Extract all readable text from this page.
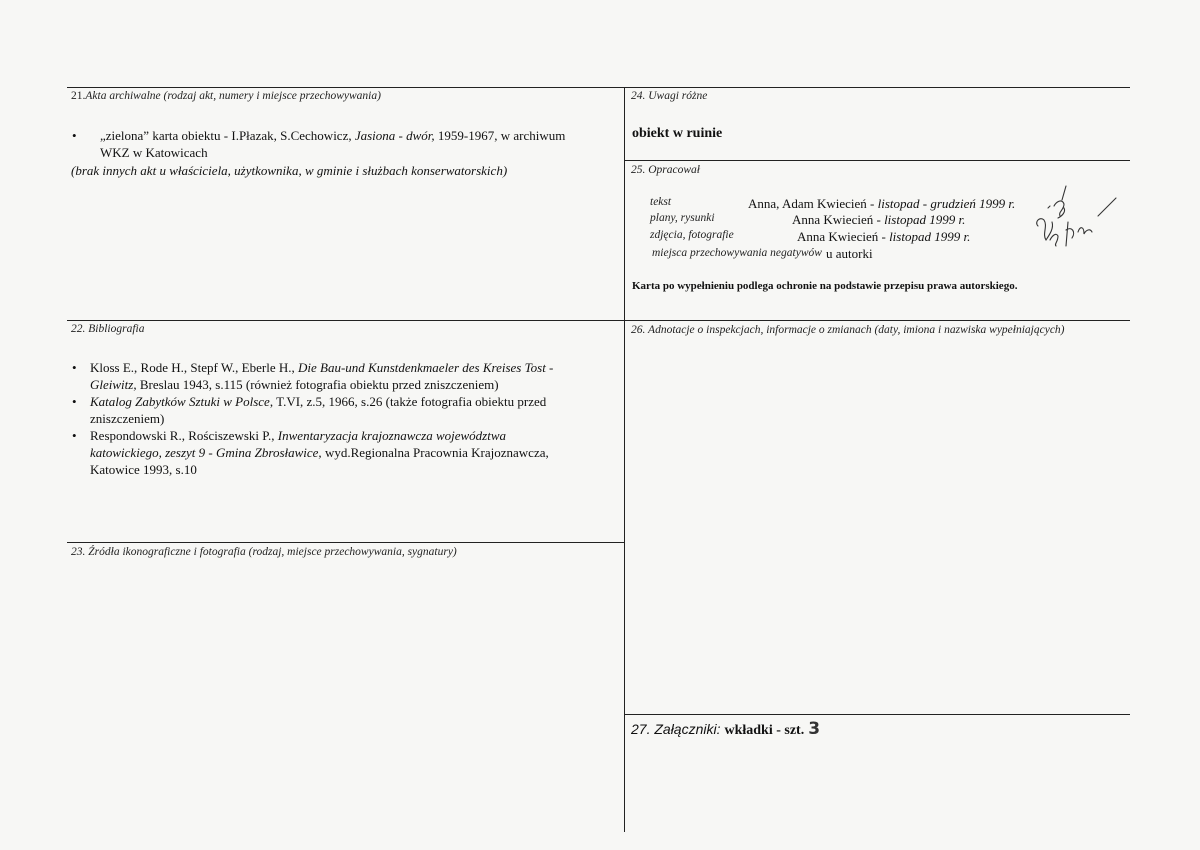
21.Akta archiwalne (rodzaj akt, numery i miejsce przechowywania)
• „zielona” karta obiektu - I.Płazak, S.Cechowicz, Jasiona - dwór, 1959-1967, w archiwum
WKZ w Katowicach
(brak innych akt u właściciela, użytkownika, w gminie i służbach konserwatorskich)
22. Bibliografia
• Kloss E., Rode H., Stepf W., Eberle H., Die Bau-und Kunstdenkmaeler des Kreises Tost -
Gleiwitz, Breslau 1943, s.115 (również fotografia obiektu przed zniszczeniem)
• Katalog Zabytków Sztuki w Polsce, T.VI, z.5, 1966, s.26 (także fotografia obiektu przed
zniszczeniem)
• Respondowski R., Rościszewski P., Inwentaryzacja krajoznawcza województwa
katowickiego, zeszyt 9 - Gmina Zbrosławice, wyd.Regionalna Pracownia Krajoznawcza,
Katowice 1993, s.10
23. Źródła ikonograficzne i fotografia (rodzaj, miejsce przechowywania, sygnatury)
24. Uwagi różne
obiekt w ruinie
25. Opracował
tekst	Anna, Adam Kwiecień - listopad - grudzień 1999 r.
plany, rysunki	Anna Kwiecień - listopad 1999 r.
zdjęcia, fotografie	Anna Kwiecień - listopad 1999 r.
miejsca przechowywania negatywów u autorki
Karta po wypełnieniu podlega ochronie na podstawie przepisu prawa autorskiego.
26. Adnotacje o inspekcjach, informacje o zmianach (daty, imiona i nazwiska wypełniających)
27. Załączniki: wkładki - szt. 3
